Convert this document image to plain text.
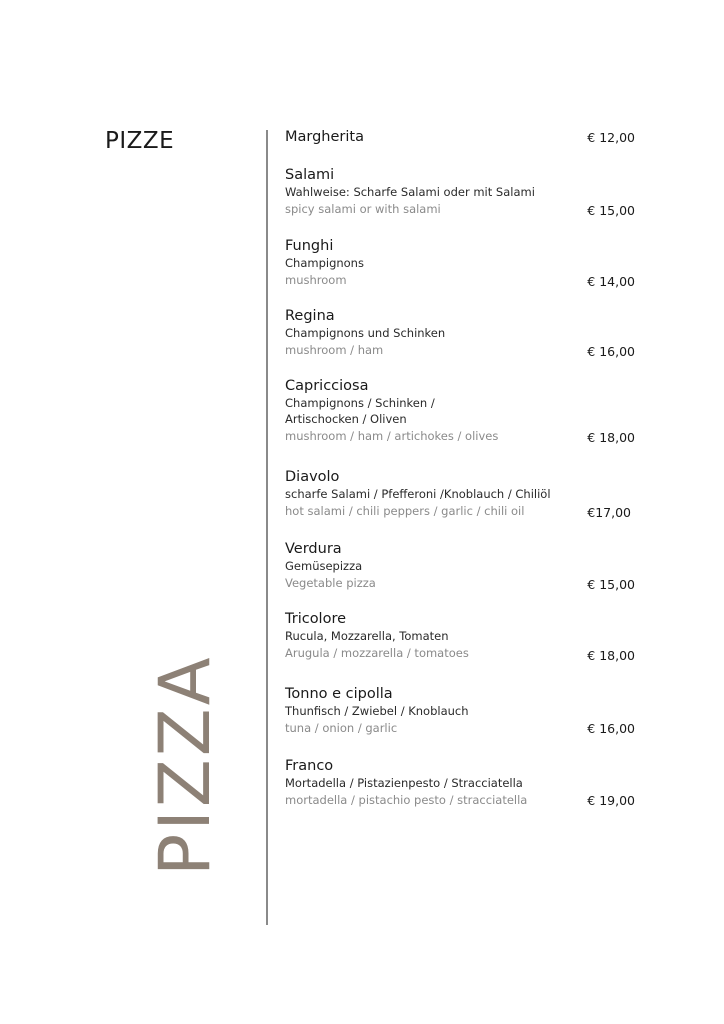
PIZZE
PIZZA
Margherita	€ 12,00
Salami
Wahlweise: Scharfe Salami oder mit Salami
spicy salami or with salami	€ 15,00
Funghi
Champignons
mushroom	€ 14,00
Regina
Champignons und Schinken
mushroom / ham	€ 16,00
Capricciosa
Champignons / Schinken /
Artischocken / Oliven
mushroom / ham / artichokes / olives	€ 18,00
Diavolo
scharfe Salami / Pfefferoni /Knoblauch / Chiliöl
hot salami / chili peppers / garlic / chili oil	€17,00
Verdura
Gemüsepizza
Vegetable pizza	€ 15,00
Tricolore
Rucula, Mozzarella, Tomaten
Arugula / mozzarella / tomatoes	€ 18,00
Tonno e cipolla
Thunfisch / Zwiebel / Knoblauch
tuna / onion / garlic	€ 16,00
Franco
Mortadella / Pistazienpesto / Stracciatella
mortadella / pistachio pesto / stracciatella	€ 19,00
